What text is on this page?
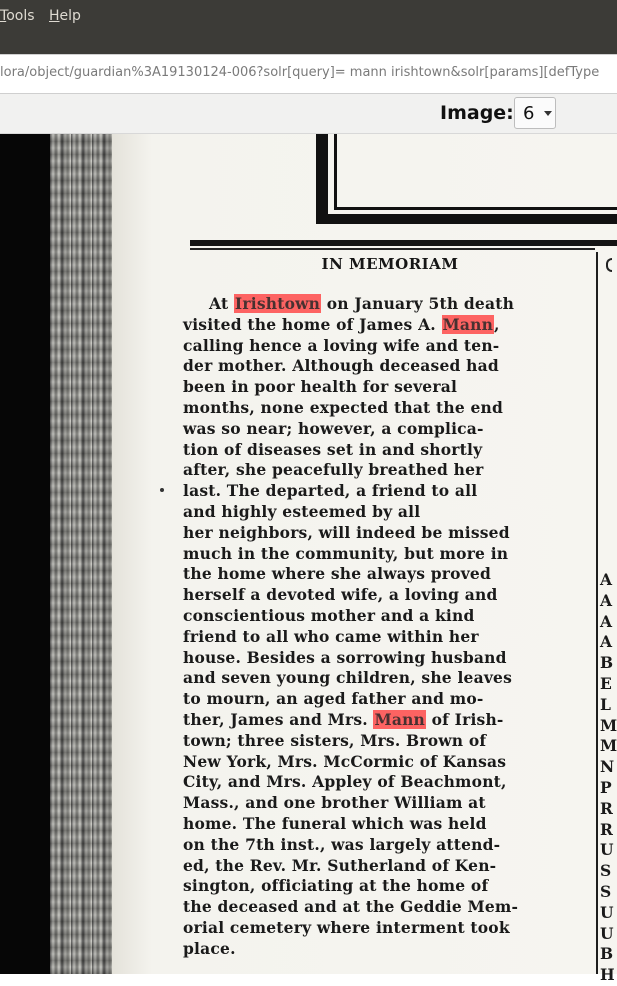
Tools Help
lora/object/guardian%3A19130124-006?solr[query]= mann irishtown&solr[params][defType
Image: 6
IN MEMORIAM
At Irishtown on January 5th death
visited the home of James A. Mann,
calling hence a loving wife and ten-
der mother. Although deceased had
been in poor health for several
months, none expected that the end
was so near; however, a complica-
tion of diseases set in and shortly
after, she peacefully breathed her
last. The departed, a friend to all
and highly esteemed by all
her neighbors, will indeed be missed
much in the community, but more in
the home where she always proved
herself a devoted wife, a loving and
conscientious mother and a kind
friend to all who came within her
house. Besides a sorrowing husband
and seven young children, she leaves
to mourn, an aged father and mo-
ther, James and Mrs. Mann of Irish-
town; three sisters, Mrs. Brown of
New York, Mrs. McCormic of Kansas
City, and Mrs. Appley of Beachmont,
Mass., and one brother William at
home. The funeral which was held
on the 7th inst., was largely attend-
ed, the Rev. Mr. Sutherland of Ken-
sington, officiating at the home of
the deceased and at the Geddie Mem-
orial cemetery where interment took
place.
A
A
A
A
B
E
L
M
M
N
P
R
R
U
S
S
U
U
B
H
